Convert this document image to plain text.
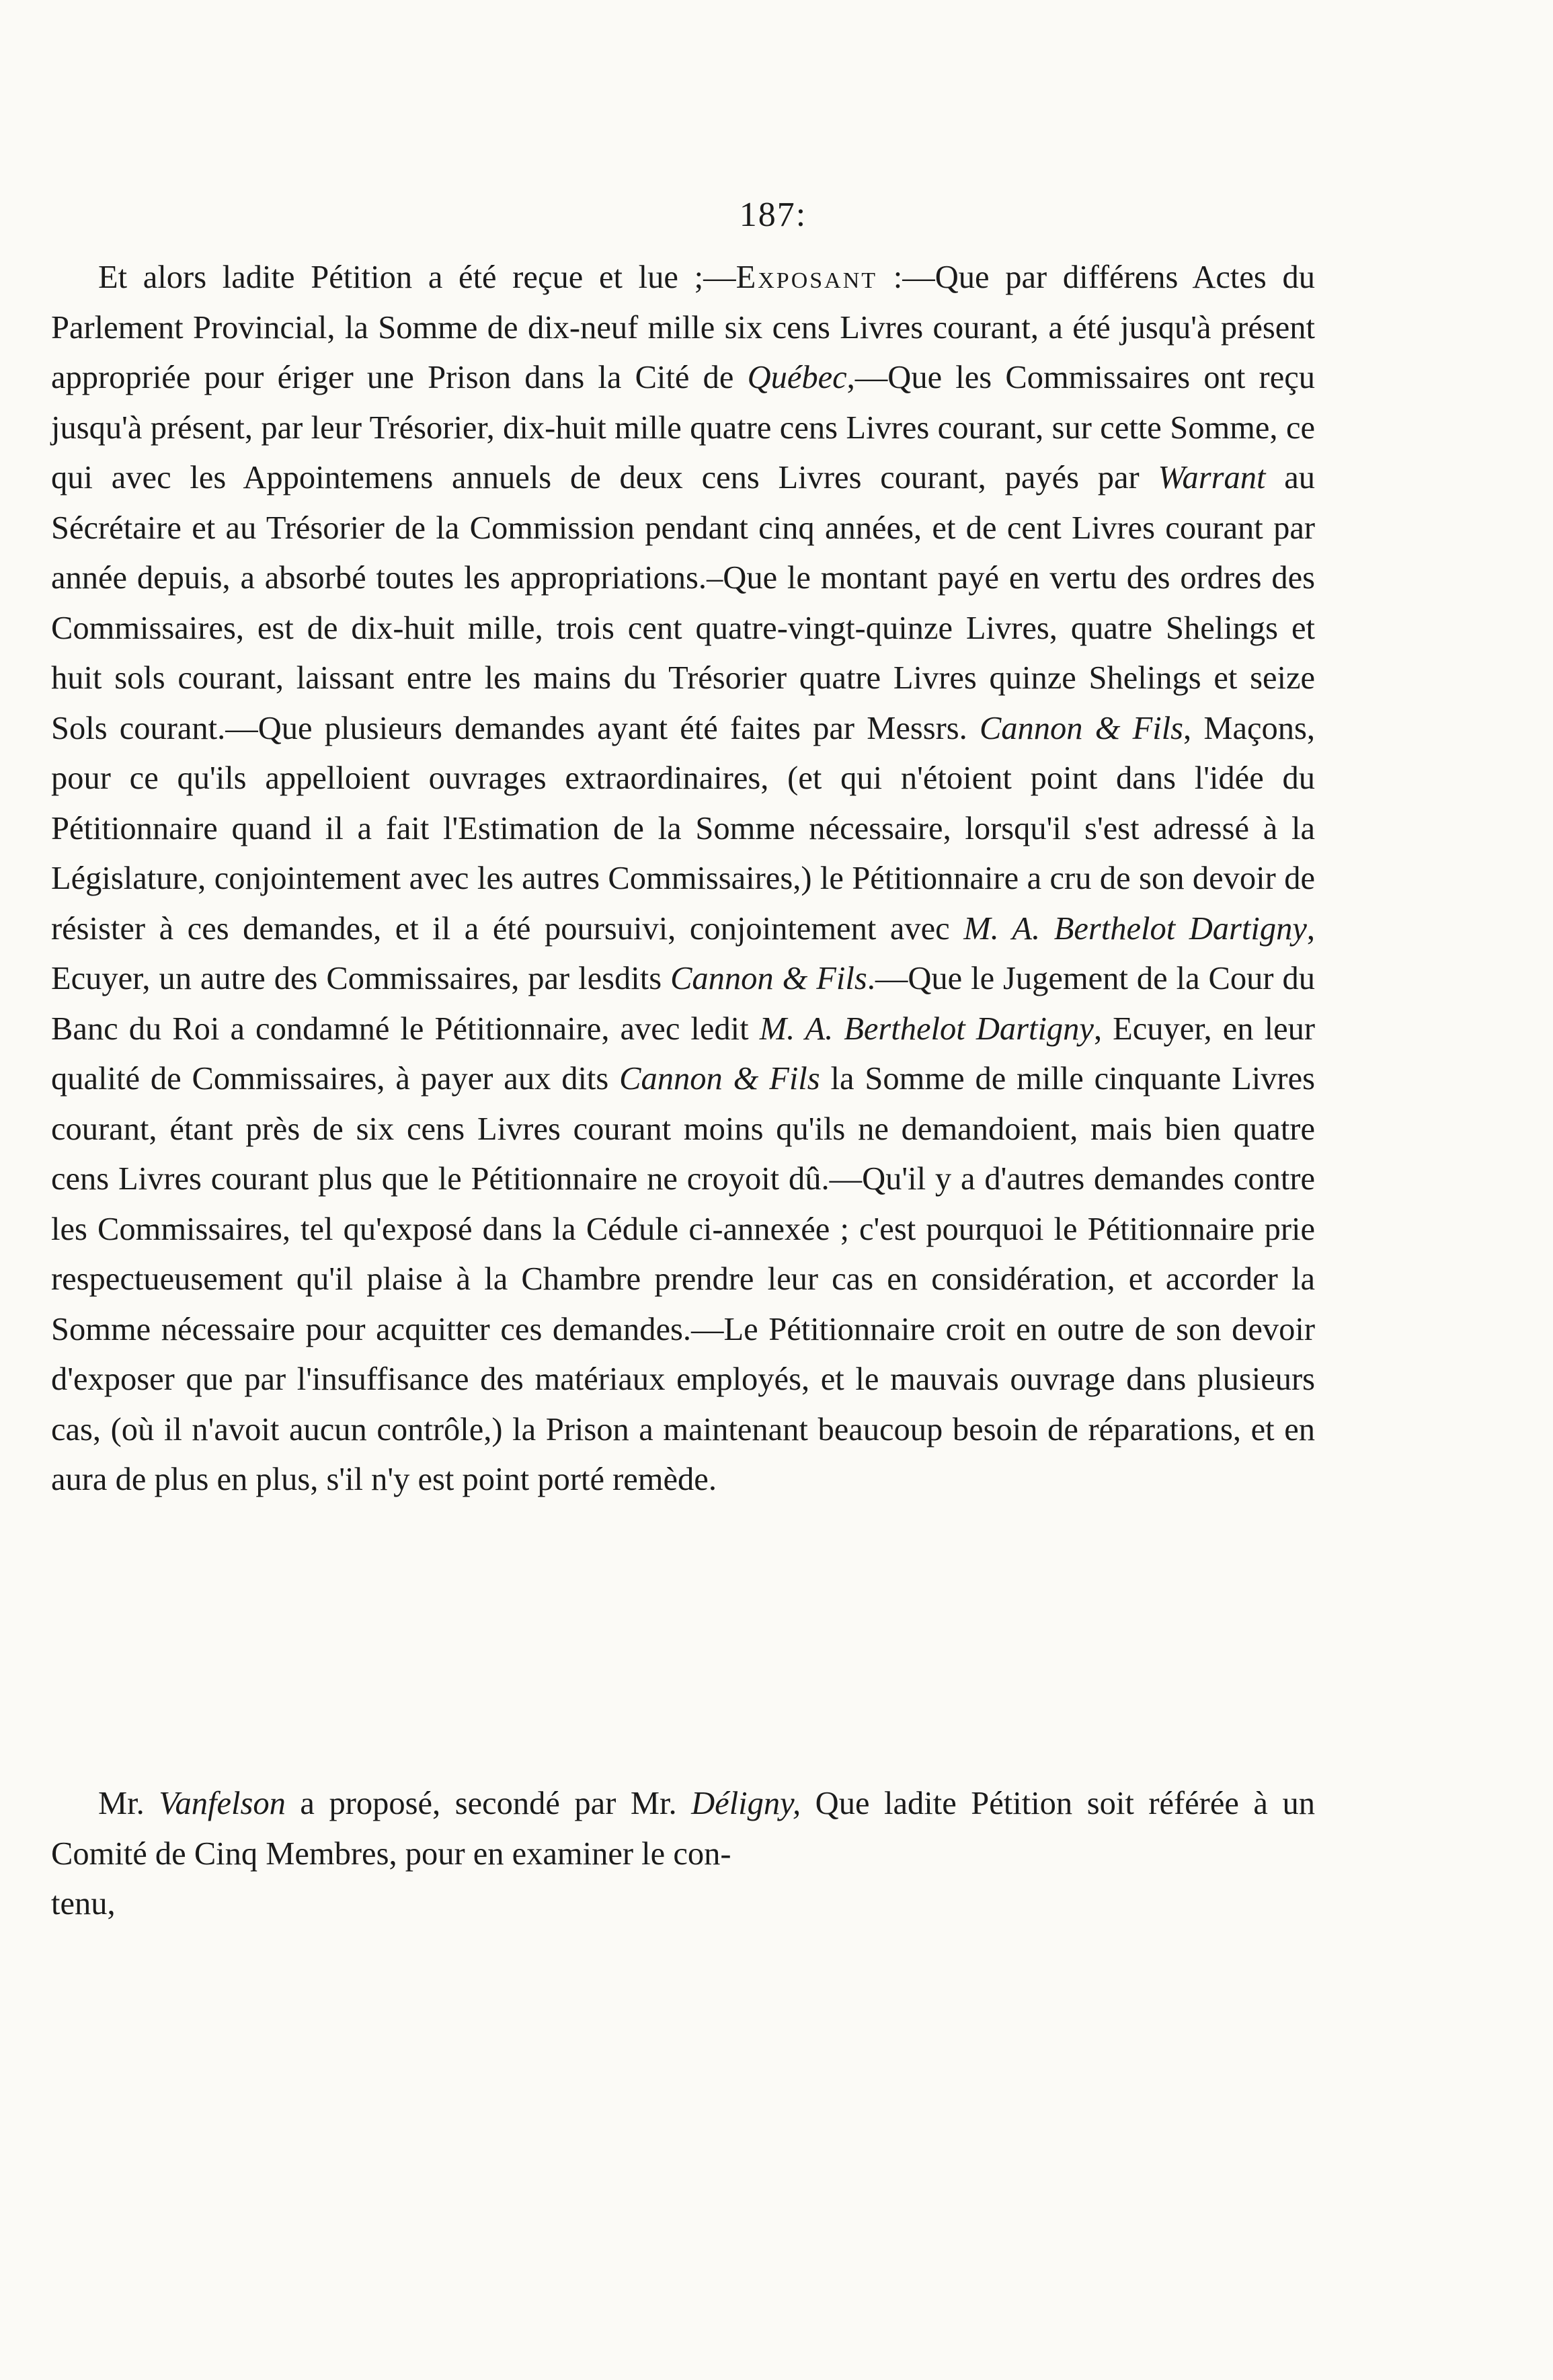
187:

Et alors ladite Pétition a été reçue et lue ;—Exposant :—Que par différens Actes du Parlement Provincial, la Somme de dix-neuf mille six cens Livres courant, a été jusqu'à présent appropriée pour ériger une Prison dans la Cité de Québec,—Que les Commissaires ont reçu jusqu'à présent, par leur Trésorier, dix-huit mille quatre cens Livres courant, sur cette Somme, ce qui avec les Appointemens annuels de deux cens Livres courant, payés par Warrant au Sécrétaire et au Trésorier de la Commission pendant cinq années, et de cent Livres courant par année depuis, a absorbé toutes les appropriations.–Que le montant payé en vertu des ordres des Commissaires, est de dix-huit mille, trois cent quatre-vingt-quinze Livres, quatre Shelings et huit sols courant, laissant entre les mains du Trésorier quatre Livres quinze Shelings et seize Sols courant.—Que plusieurs demandes ayant été faites par Messrs. Cannon & Fils, Maçons, pour ce qu'ils appelloient ouvrages extraordinaires, (et qui n'étoient point dans l'idée du Pétitionnaire quand il a fait l'Estimation de la Somme nécessaire, lorsqu'il s'est adressé à la Législature, conjointement avec les autres Commissaires,) le Pétitionnaire a cru de son devoir de résister à ces demandes, et il a été poursuivi, conjointement avec M. A. Berthelot Dartigny, Ecuyer, un autre des Commissaires, par lesdits Cannon & Fils.—Que le Jugement de la Cour du Banc du Roi a condamné le Pétitionnaire, avec ledit M. A. Berthelot Dartigny, Ecuyer, en leur qualité de Commissaires, à payer aux dits Cannon & Fils la Somme de mille cinquante Livres courant, étant près de six cens Livres courant moins qu'ils ne demandoient, mais bien quatre cens Livres courant plus que le Pétitionnaire ne croyoit dû.—Qu'il y a d'autres demandes contre les Commissaires, tel qu'exposé dans la Cédule ci-annexée ; c'est pourquoi le Pétitionnaire prie respectueusement qu'il plaise à la Chambre prendre leur cas en considération, et accorder la Somme nécessaire pour acquitter ces demandes.—Le Pétitionnaire croit en outre de son devoir d'exposer que par l'insuffisance des matériaux employés, et le mauvais ouvrage dans plusieurs cas, (où il n'avoit aucun contrôle,) la Prison a maintenant beaucoup besoin de réparations, et en aura de plus en plus, s'il n'y est point porté remède.

Mr. Vanfelson a proposé, secondé par Mr. Déligny, Que ladite Pétition soit référée à un Comité de Cinq Membres, pour en examiner le con-
tenu,
